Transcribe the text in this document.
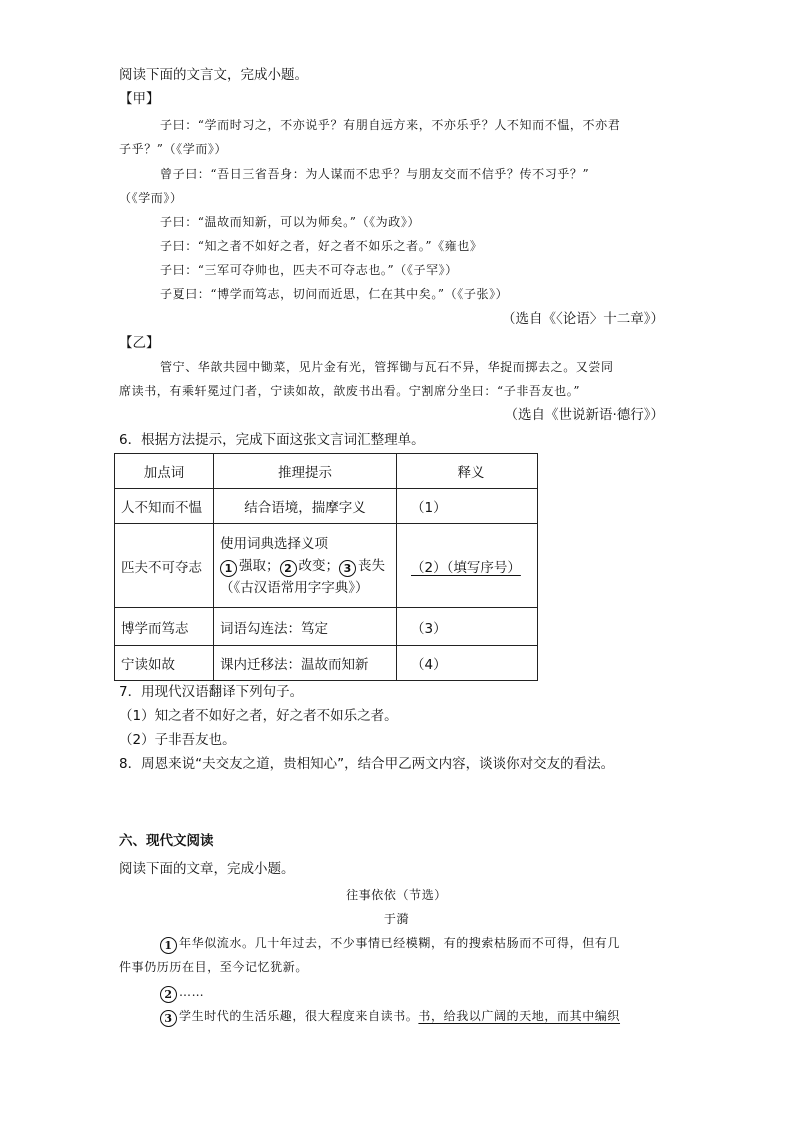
阅读下面的文言文，完成小题。
【甲】
子曰：“学而时习之，不亦说乎？有朋自远方来，不亦乐乎？人不知而不愠，不亦君
子乎？”（《学而》）
曾子曰：“吾日三省吾身：为人谋而不忠乎？与朋友交而不信乎？传不习乎？”
（《学而》）
子曰：“温故而知新，可以为师矣。”（《为政》）
子曰：“知之者不如好之者，好之者不如乐之者。”《雍也》
子曰：“三军可夺帅也，匹夫不可夺志也。”（《子罕》）
子夏曰：“博学而笃志，切问而近思，仁在其中矣。”（《子张》）
（选自《〈论语〉十二章》）
【乙】
管宁、华歆共园中锄菜，见片金有光，管挥锄与瓦石不异，华捉而掷去之。又尝同
席读书，有乘轩冕过门者，宁读如故，歆废书出看。宁割席分坐曰：“子非吾友也。”
（选自《世说新语·德行》）
6．根据方法提示，完成下面这张文言词汇整理单。
加点词	推理提示	释义
人不知而不愠	结合语境，揣摩字义	（1）
匹夫不可夺志	使用词典选择义项
1 强取； 2 改变； 3 丧失
（《古汉语常用字字典》）	（2）（填写序号）
博学而笃志	词语勾连法：笃定	（3）
宁读如故	课内迁移法：温故而知新	（4）
7．用现代汉语翻译下列句子。
（1）知之者不如好之者，好之者不如乐之者。
（2）子非吾友也。
8．周恩来说“夫交友之道，贵相知心”，结合甲乙两文内容，谈谈你对交友的看法。
六、现代文阅读
阅读下面的文章，完成小题。
往事依依（节选）
于漪
1 年华似流水。几十年过去，不少事情已经模糊，有的搜索枯肠而不可得，但有几
件事仍历历在目，至今记忆犹新。
2 ……
3 学生时代的生活乐趣，很大程度来自读书。书，给我以广阔的天地，而其中编织
